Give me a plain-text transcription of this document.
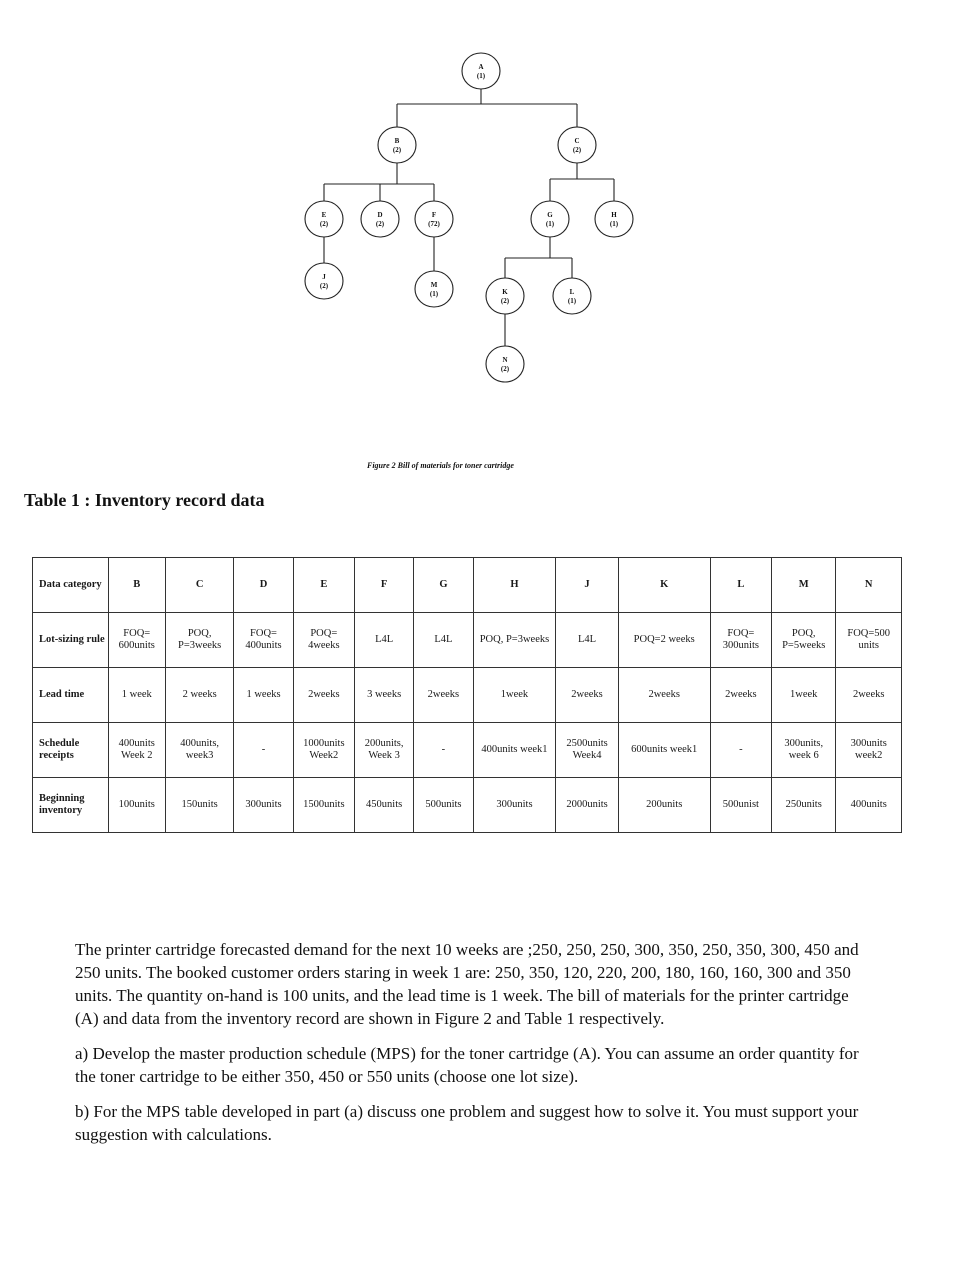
A
(1)
B
(2)
C
(2)
E
(2)
D
(2)
F
(72)
G
(1)
H
(1)
J
(2)	M
(1)	K
(2)
L
(1)
N
(2)
Figure 2 Bill of materials for toner cartridge
Table 1 : Inventory record data
Data category	B	C	D	E	F	G	H	J	K	L	M	N
Lot-sizing rule	FOQ= 600units	POQ, P=3weeks	FOQ= 400units	POQ= 4weeks	L4L	L4L	POQ, P=3weeks	L4L	POQ=2 weeks	FOQ= 300units	POQ, P=5weeks	FOQ=500 units
Lead time	1 week	2 weeks	1 weeks	2weeks	3 weeks	2weeks	1week	2weeks	2weeks	2weeks	1week	2weeks
Schedule receipts	400units Week 2	400units, week3	-	1000units Week2	200units, Week 3	-	400units week1	2500units Week4	600units week1	-	300units, week 6	300units week2
Beginning inventory	100units	150units	300units	1500units	450units	500units	300units	2000units	200units	500unist	250units	400units

The printer cartridge forecasted demand for the next 10 weeks are ;250, 250, 250, 300, 350, 250, 350, 300, 450 and 250 units. The booked customer orders staring in week 1 are: 250, 350, 120, 220, 200, 180, 160, 160, 300 and 350 units. The quantity on-hand is 100 units, and the lead time is 1 week. The bill of materials for the printer cartridge (A) and data from the inventory record are shown in Figure 2 and Table 1 respectively.

a) Develop the master production schedule (MPS) for the toner cartridge (A). You can assume an order quantity for the toner cartridge to be either 350, 450 or 550 units (choose one lot size).

b) For the MPS table developed in part (a) discuss one problem and suggest how to solve it. You must support your suggestion with calculations.
